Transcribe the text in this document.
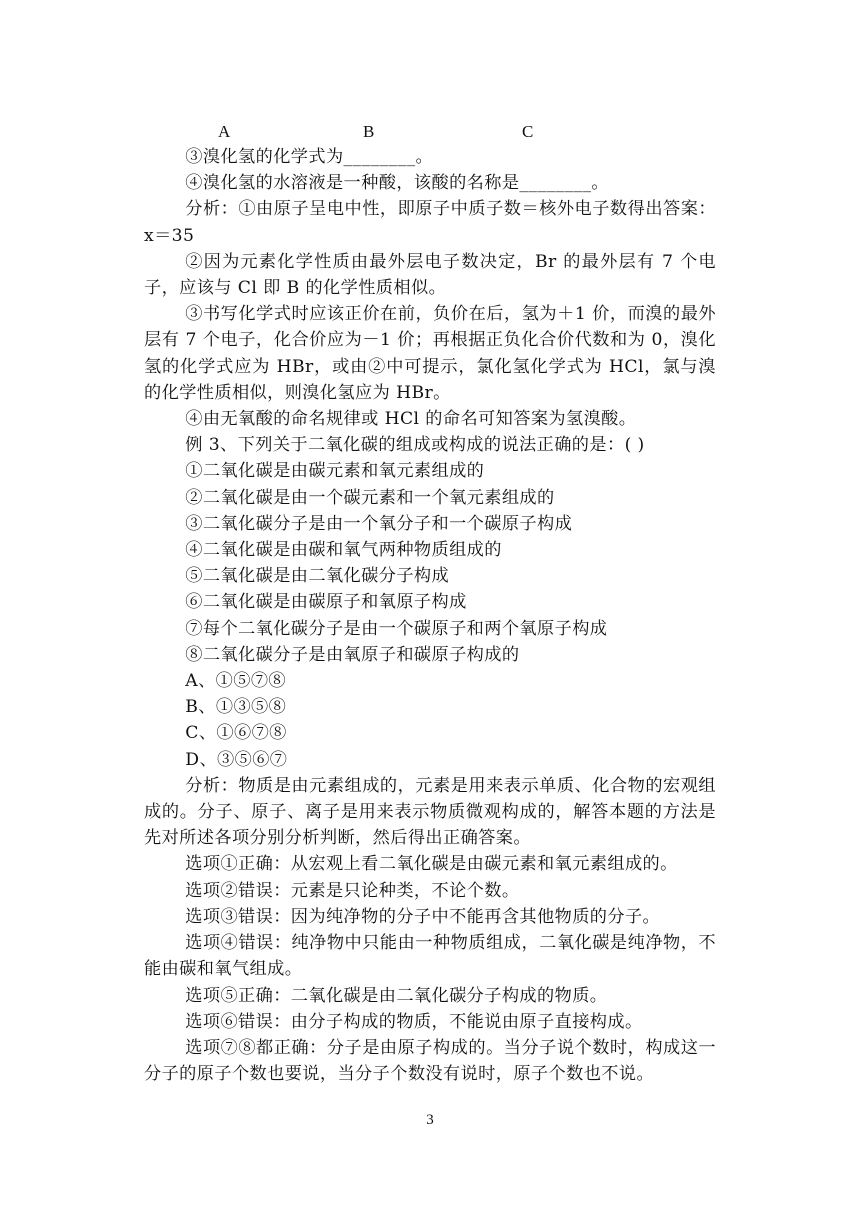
A	B	C

③溴化氢的化学式为________。

④溴化氢的水溶液是一种酸，该酸的名称是________。

分析：①由原子呈电中性，即原子中质子数＝核外电子数得出答案：x＝35

②因为元素化学性质由最外层电子数决定，Br 的最外层有 7 个电子，应该与 Cl 即 B 的化学性质相似。

③书写化学式时应该正价在前，负价在后，氢为＋1 价，而溴的最外层有 7 个电子，化合价应为－1 价；再根据正负化合价代数和为 0，溴化氢的化学式应为 HBr，或由②中可提示，氯化氢化学式为 HCl，氯与溴的化学性质相似，则溴化氢应为 HBr。

④由无氧酸的命名规律或 HCl 的命名可知答案为氢溴酸。

例 3、下列关于二氧化碳的组成或构成的说法正确的是：( )

①二氧化碳是由碳元素和氧元素组成的

②二氧化碳是由一个碳元素和一个氧元素组成的

③二氧化碳分子是由一个氧分子和一个碳原子构成

④二氧化碳是由碳和氧气两种物质组成的

⑤二氧化碳是由二氧化碳分子构成

⑥二氧化碳是由碳原子和氧原子构成

⑦每个二氧化碳分子是由一个碳原子和两个氧原子构成

⑧二氧化碳分子是由氧原子和碳原子构成的

A、①⑤⑦⑧

B、①③⑤⑧

C、①⑥⑦⑧

D、③⑤⑥⑦

分析：物质是由元素组成的，元素是用来表示单质、化合物的宏观组成的。分子、原子、离子是用来表示物质微观构成的，解答本题的方法是先对所述各项分别分析判断，然后得出正确答案。

选项①正确：从宏观上看二氧化碳是由碳元素和氧元素组成的。

选项②错误：元素是只论种类，不论个数。

选项③错误：因为纯净物的分子中不能再含其他物质的分子。

选项④错误：纯净物中只能由一种物质组成，二氧化碳是纯净物，不能由碳和氧气组成。

选项⑤正确：二氧化碳是由二氧化碳分子构成的物质。

选项⑥错误：由分子构成的物质，不能说由原子直接构成。

选项⑦⑧都正确：分子是由原子构成的。当分子说个数时，构成这一分子的原子个数也要说，当分子个数没有说时，原子个数也不说。

3
